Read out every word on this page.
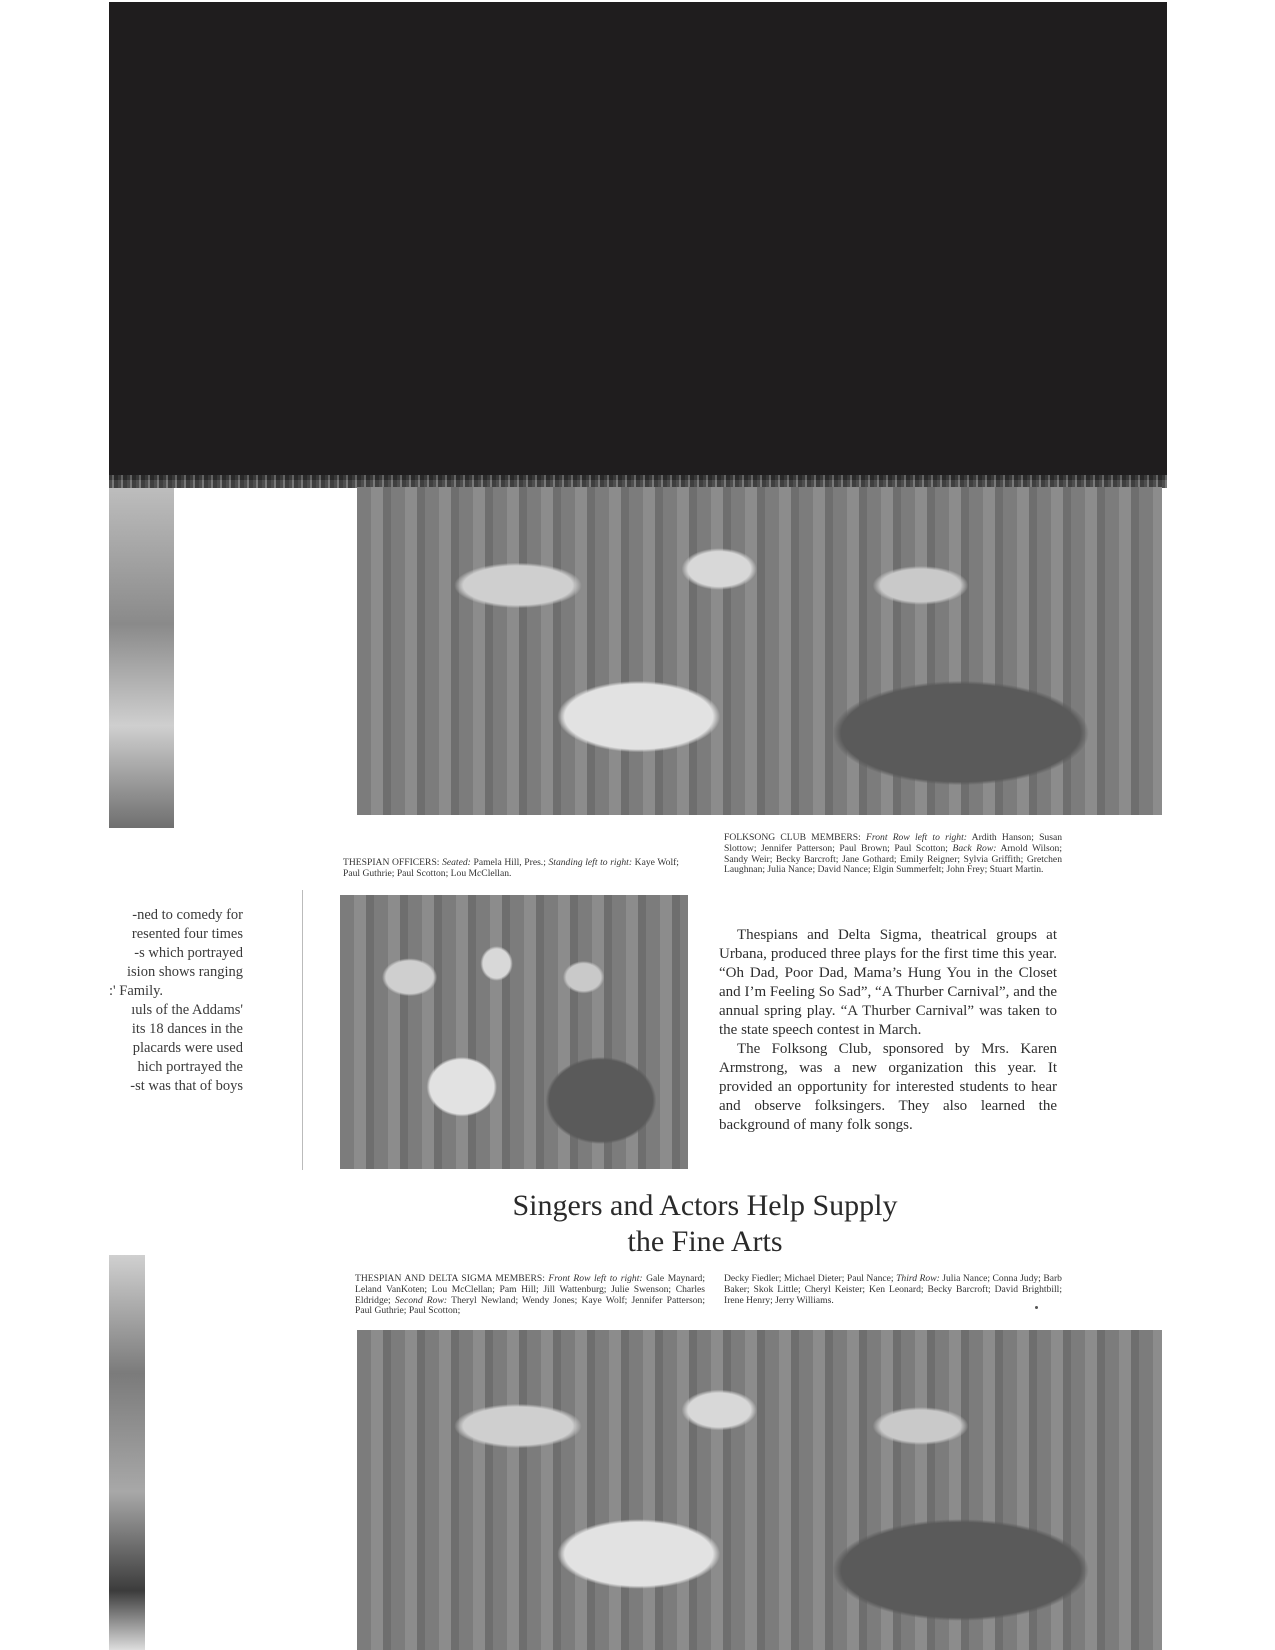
FOLKSONG CLUB MEMBERS: Front Row left to right: Ardith Hanson; Susan Slottow; Jennifer Patterson; Paul Brown; Paul Scotton; Back Row: Arnold Wilson; Sandy Weir; Becky Barcroft; Jane Gothard; Emily Reigner; Sylvia Griffith; Gretchen Laughnan; Julia Nance; David Nance; Elgin Summerfelt; John Frey; Stuart Martin.
THESPIAN OFFICERS: Seated: Pamela Hill, Pres.; Standing left to right: Kaye Wolf; Paul Guthrie; Paul Scotton; Lou McClellan.
-ned to comedy for
resented four times
-s which portrayed
ision shows ranging
:' Family.
ıuls of the Addams'
its 18 dances in the
placards were used
hich portrayed the
-st was that of boys

Thespians and Delta Sigma, theatrical groups at Urbana, produced three plays for the first time this year. “Oh Dad, Poor Dad, Mama’s Hung You in the Closet and I’m Feeling So Sad”, “A Thurber Carnival”, and the annual spring play. “A Thurber Carnival” was taken to the state speech contest in March.

The Folksong Club, sponsored by Mrs. Karen Armstrong, was a new organization this year. It provided an opportunity for interested students to hear and observe folksingers. They also learned the background of many folk songs.

Singers and Actors Help Supply
the Fine Arts
THESPIAN AND DELTA SIGMA MEMBERS: Front Row left to right: Gale Maynard; Leland VanKoten; Lou McClellan; Pam Hill; Jill Wattenburg; Julie Swenson; Charles Eldridge; Second Row: Theryl Newland; Wendy Jones; Kaye Wolf; Jennifer Patterson; Paul Guthrie; Paul Scotton;
Decky Fiedler; Michael Dieter; Paul Nance; Third Row: Julia Nance; Conna Judy; Barb Baker; Skok Little; Cheryl Keister; Ken Leonard; Becky Barcroft; David Brightbill; Irene Henry; Jerry Williams.
